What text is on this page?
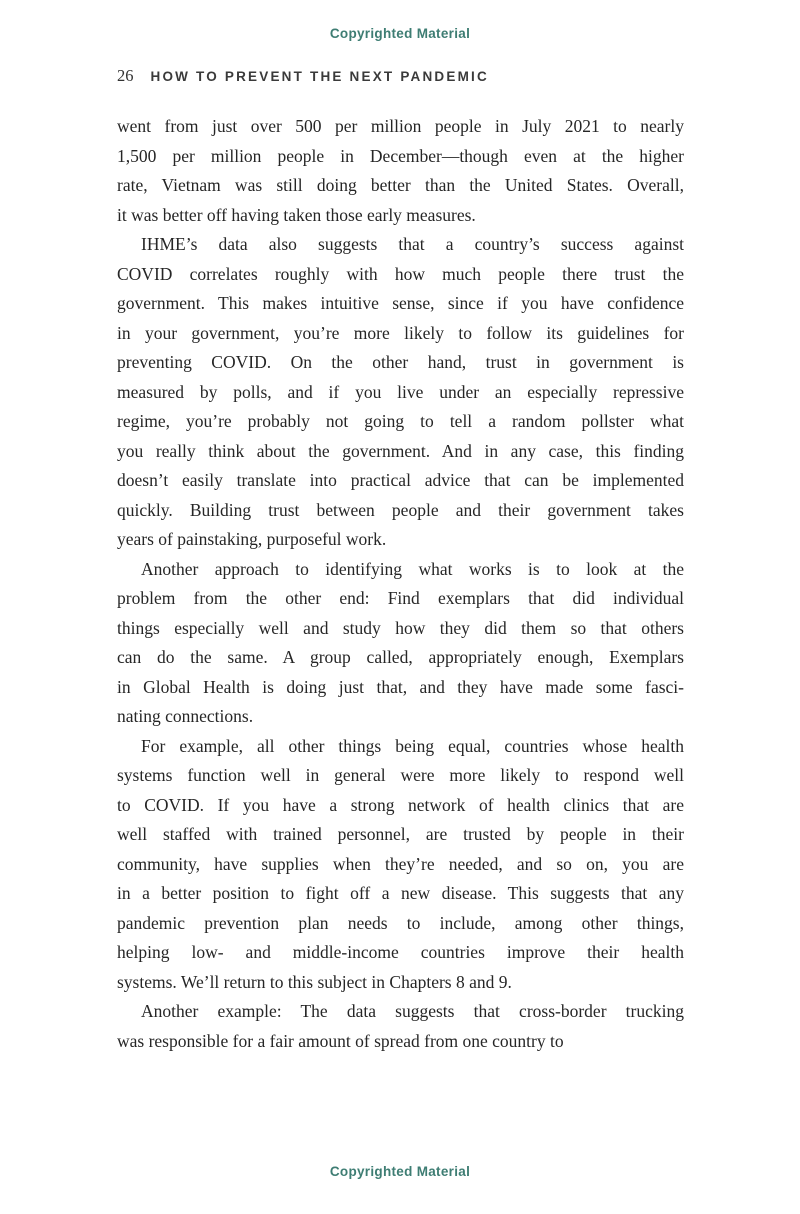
Copyrighted Material
26 HOW TO PREVENT THE NEXT PANDEMIC
went from just over 500 per million people in July 2021 to nearly
1,500 per million people in December—though even at the higher
rate, Vietnam was still doing better than the United States. Overall,
it was better off having taken those early measures.
IHME’s data also suggests that a country’s success against
COVID correlates roughly with how much people there trust the
government. This makes intuitive sense, since if you have confidence
in your government, you’re more likely to follow its guidelines for
preventing COVID. On the other hand, trust in government is
measured by polls, and if you live under an especially repressive
regime, you’re probably not going to tell a random pollster what
you really think about the government. And in any case, this finding
doesn’t easily translate into practical advice that can be implemented
quickly. Building trust between people and their government takes
years of painstaking, purposeful work.
Another approach to identifying what works is to look at the
problem from the other end: Find exemplars that did individual
things especially well and study how they did them so that others
can do the same. A group called, appropriately enough, Exemplars
in Global Health is doing just that, and they have made some fasci-
nating connections.
For example, all other things being equal, countries whose health
systems function well in general were more likely to respond well
to COVID. If you have a strong network of health clinics that are
well staffed with trained personnel, are trusted by people in their
community, have supplies when they’re needed, and so on, you are
in a better position to fight off a new disease. This suggests that any
pandemic prevention plan needs to include, among other things,
helping low- and middle-income countries improve their health
systems. We’ll return to this subject in Chapters 8 and 9.
Another example: The data suggests that cross-border trucking
was responsible for a fair amount of spread from one country to
Copyrighted Material
